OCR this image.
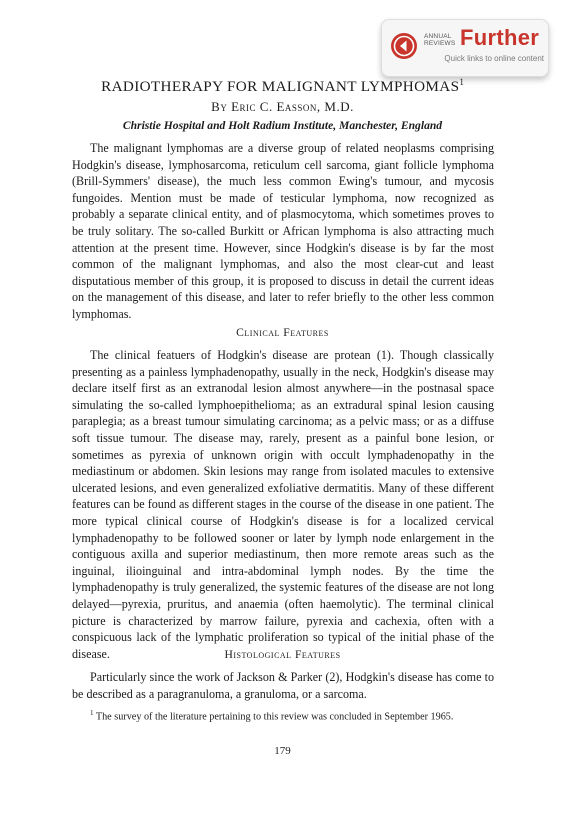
ANNUAL REVIEWS Further
Quick links to online content
RADIOTHERAPY FOR MALIGNANT LYMPHOMAS$^1$
By Eric C. Easson, M.D.
Christie Hospital and Holt Radium Institute, Manchester, England

The malignant lymphomas are a diverse group of related neoplasms comprising Hodgkin's disease, lymphosarcoma, reticulum cell sarcoma, giant follicle lymphoma (Brill-Symmers' disease), the much less common Ewing's tumour, and mycosis fungoides. Mention must be made of testicular lymphoma, now recognized as probably a separate clinical entity, and of plasmocytoma, which sometimes proves to be truly solitary. The so-called Burkitt or African lymphoma is also attracting much attention at the present time. However, since Hodgkin's disease is by far the most common of the malignant lymphomas, and also the most clear-cut and least disputatious member of this group, it is proposed to discuss in detail the current ideas on the management of this disease, and later to refer briefly to the other less common lymphomas.

Clinical Features

The clinical featuers of Hodgkin's disease are protean (1). Though classically presenting as a painless lymphadenopathy, usually in the neck, Hodgkin's disease may declare itself first as an extranodal lesion almost anywhere—in the postnasal space simulating the so-called lymphoepithelioma; as an extradural spinal lesion causing paraplegia; as a breast tumour simulating carcinoma; as a pelvic mass; or as a diffuse soft tissue tumour. The disease may, rarely, present as a painful bone lesion, or sometimes as pyrexia of unknown origin with occult lymphadenopathy in the mediastinum or abdomen. Skin lesions may range from isolated macules to extensive ulcerated lesions, and even generalized exfoliative dermatitis. Many of these different features can be found as different stages in the course of the disease in one patient. The more typical clinical course of Hodgkin's disease is for a localized cervical lymphadenopathy to be followed sooner or later by lymph node enlargement in the contiguous axilla and superior mediastinum, then more remote areas such as the inguinal, ilioinguinal and intra-abdominal lymph nodes. By the time the lymphadenopathy is truly generalized, the systemic features of the disease are not long delayed—pyrexia, pruritus, and anaemia (often haemolytic). The terminal clinical picture is characterized by marrow failure, pyrexia and cachexia, often with a conspicuous lack of the lymphatic proliferation so typical of the initial phase of the disease.	Histological Features

Particularly since the work of Jackson & Parker (2), Hodgkin's disease has come to be described as a paragranuloma, a granuloma, or a sarcoma.

$^1$ The survey of the literature pertaining to this review was concluded in September 1965.

179
